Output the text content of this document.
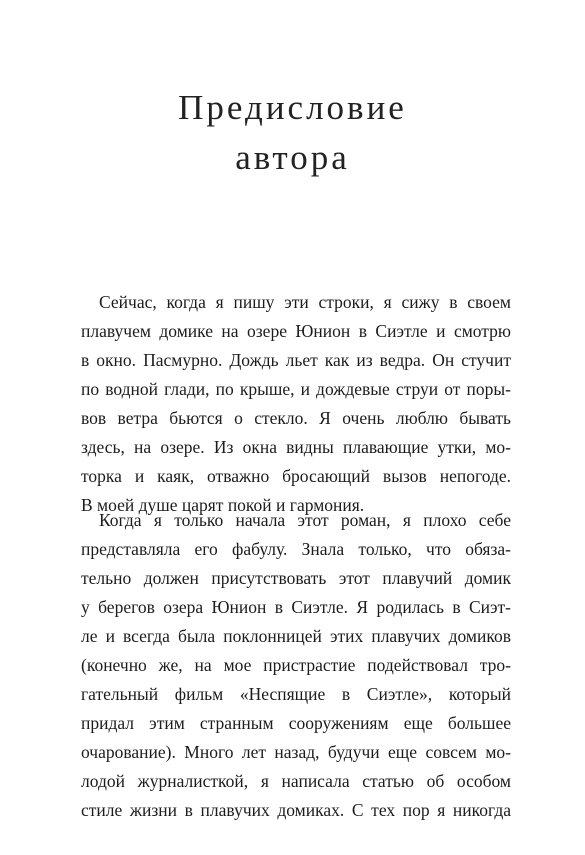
Предисловие
автора
Сейчас, когда я пишу эти строки, я сижу в своем
плавучем домике на озере Юнион в Сиэтле и смотрю
в окно. Пасмурно. Дождь льет как из ведра. Он стучит
по водной глади, по крыше, и дождевые струи от поры-
вов ветра бьются о стекло. Я очень люблю бывать
здесь, на озере. Из окна видны плавающие утки, мо-
торка и каяк, отважно бросающий вызов непогоде.
В моей душе царят покой и гармония.
Когда я только начала этот роман, я плохо себе
представляла его фабулу. Знала только, что обяза-
тельно должен присутствовать этот плавучий домик
у берегов озера Юнион в Сиэтле. Я родилась в Сиэт-
ле и всегда была поклонницей этих плавучих домиков
(конечно же, на мое пристрастие подействовал тро-
гательный фильм «Неспящие в Сиэтле», который
придал этим странным сооружениям еще большее
очарование). Много лет назад, будучи еще совсем мо-
лодой журналисткой, я написала статью об особом
стиле жизни в плавучих домиках. С тех пор я никогда
